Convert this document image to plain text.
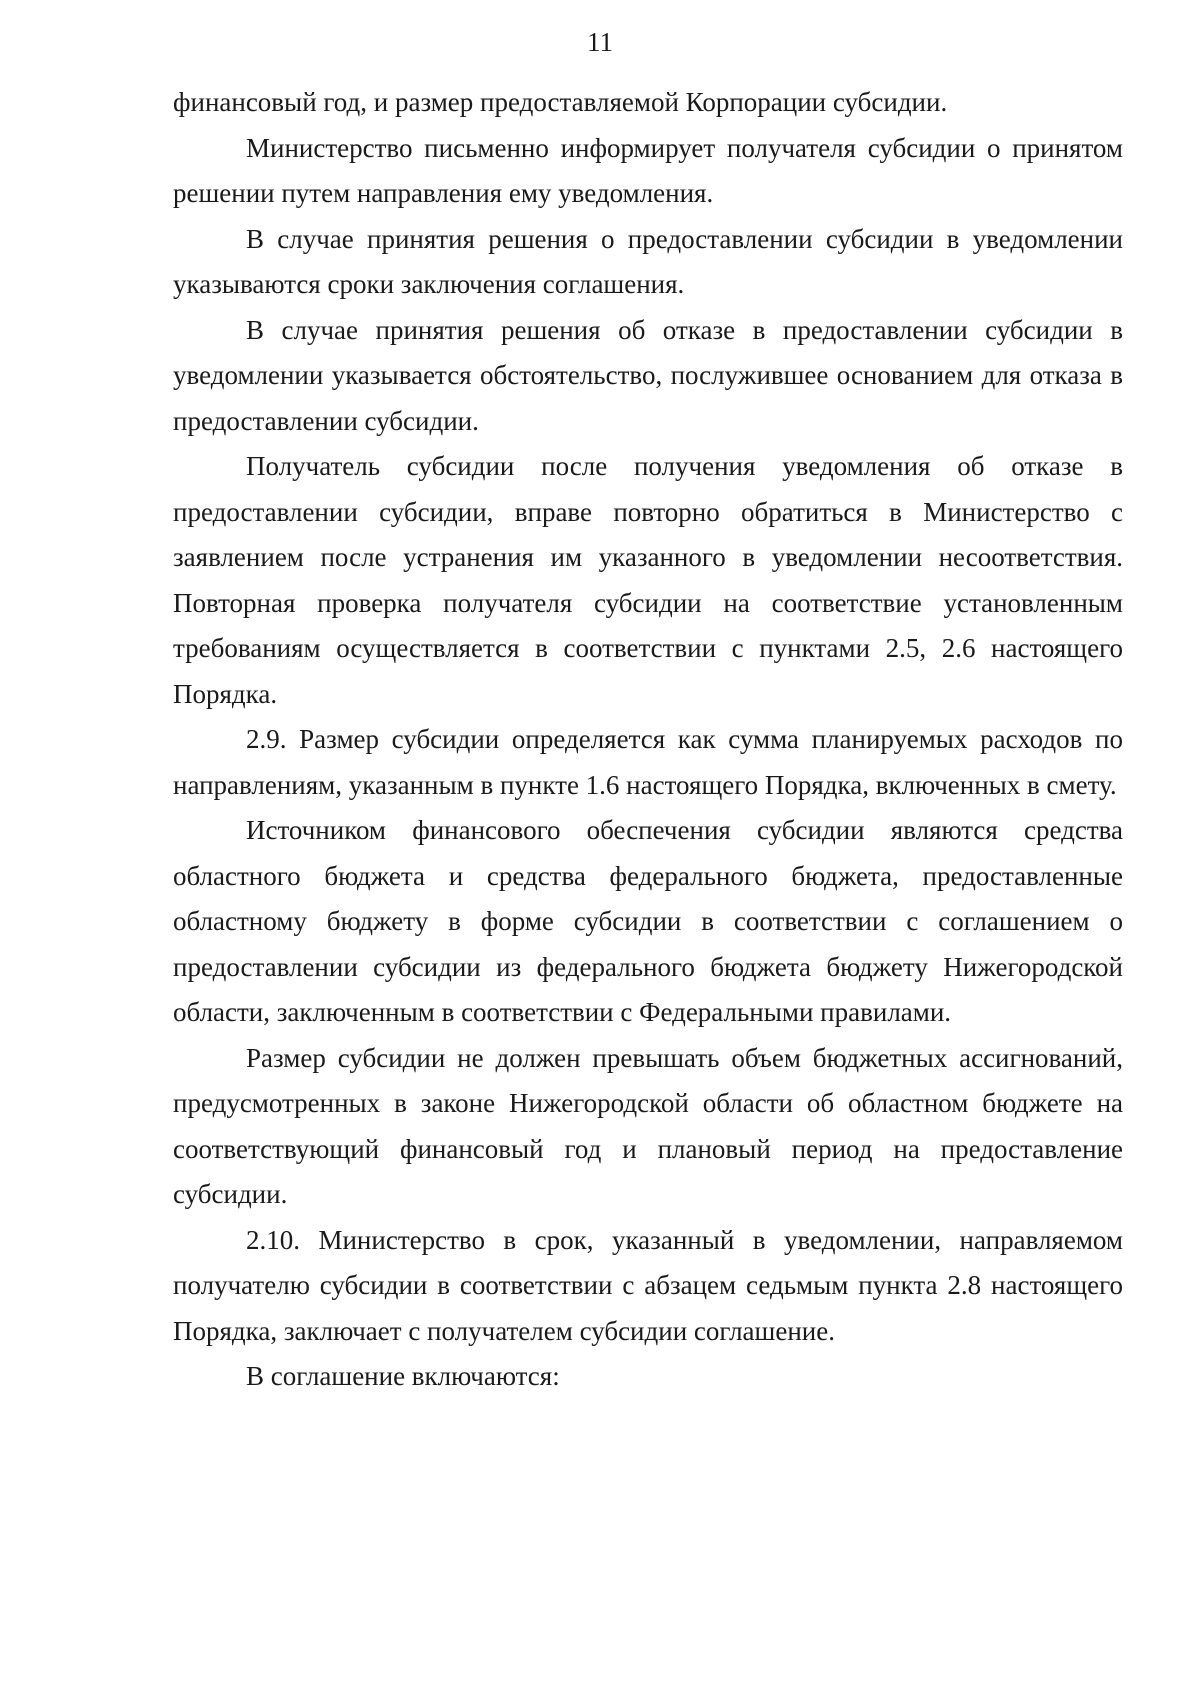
11

финансовый год, и размер предоставляемой Корпорации субсидии.

Министерство письменно информирует получателя субсидии о принятом решении путем направления ему уведомления.

В случае принятия решения о предоставлении субсидии в уведомлении указываются сроки заключения соглашения.

В случае принятия решения об отказе в предоставлении субсидии в уведомлении указывается обстоятельство, послужившее основанием для отказа в предоставлении субсидии.

Получатель субсидии после получения уведомления об отказе в предоставлении субсидии, вправе повторно обратиться в Министерство с заявлением после устранения им указанного в уведомлении несоответствия. Повторная проверка получателя субсидии на соответствие установленным требованиям осуществляется в соответствии с пунктами 2.5, 2.6 настоящего Порядка.

2.9. Размер субсидии определяется как сумма планируемых расходов по направлениям, указанным в пункте 1.6 настоящего Порядка, включенных в смету.

Источником финансового обеспечения субсидии являются средства областного бюджета и средства федерального бюджета, предоставленные областному бюджету в форме субсидии в соответствии с соглашением о предоставлении субсидии из федерального бюджета бюджету Нижегородской области, заключенным в соответствии с Федеральными правилами.

Размер субсидии не должен превышать объем бюджетных ассигнований, предусмотренных в законе Нижегородской области об областном бюджете на соответствующий финансовый год и плановый период на предоставление субсидии.

2.10. Министерство в срок, указанный в уведомлении, направляемом получателю субсидии в соответствии с абзацем седьмым пункта 2.8 настоящего Порядка, заключает с получателем субсидии соглашение.

В соглашение включаются:
